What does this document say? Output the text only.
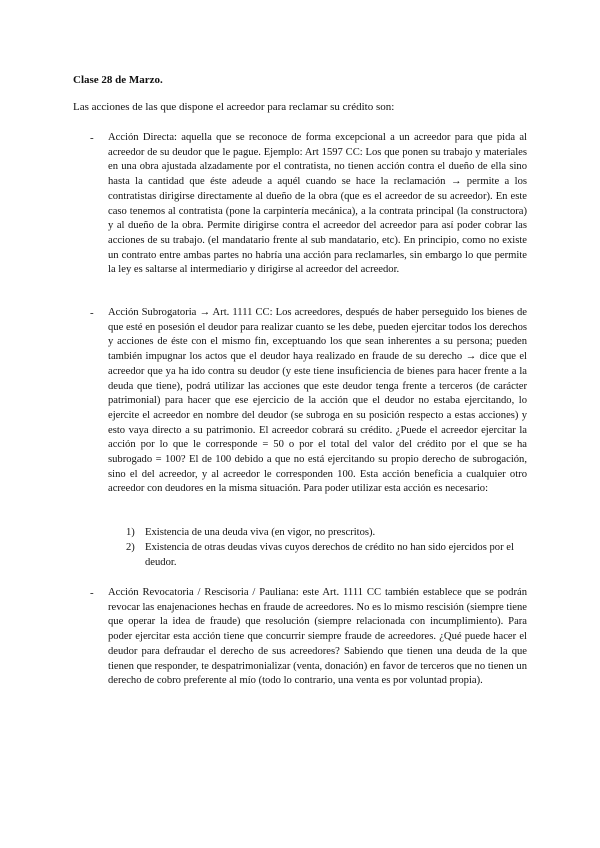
Clase 28 de Marzo.
Las acciones de las que dispone el acreedor para reclamar su crédito son:
- Acción Directa: aquella que se reconoce de forma excepcional a un acreedor para que pida al acreedor de su deudor que le pague. Ejemplo: Art 1597 CC: Los que ponen su trabajo y materiales en una obra ajustada alzadamente por el contratista, no tienen acción contra el dueño de ella sino hasta la cantidad que éste adeude a aquél cuando se hace la reclamación → permite a los contratistas dirigirse directamente al dueño de la obra (que es el acreedor de su acreedor). En este caso tenemos al contratista (pone la carpintería mecánica), a la contrata principal (la constructora) y al dueño de la obra. Permite dirigirse contra el acreedor del acreedor para así poder cobrar las acciones de su trabajo. (el mandatario frente al sub mandatario, etc). En principio, como no existe un contrato entre ambas partes no habría una acción para reclamarles, sin embargo lo que permite la ley es saltarse al intermediario y dirigirse al acreedor del acreedor.
- Acción Subrogatoria → Art. 1111 CC: Los acreedores, después de haber perseguido los bienes de que esté en posesión el deudor para realizar cuanto se les debe, pueden ejercitar todos los derechos y acciones de éste con el mismo fin, exceptuando los que sean inherentes a su persona; pueden también impugnar los actos que el deudor haya realizado en fraude de su derecho → dice que el acreedor que ya ha ido contra su deudor (y este tiene insuficiencia de bienes para hacer frente a la deuda que tiene), podrá utilizar las acciones que este deudor tenga frente a terceros (de carácter patrimonial) para hacer que ese ejercicio de la acción que el deudor no estaba ejercitando, lo ejercite el acreedor en nombre del deudor (se subroga en su posición respecto a estas acciones) y esto vaya directo a su patrimonio. El acreedor cobrará su crédito. ¿Puede el acreedor ejercitar la acción por lo que le corresponde = 50 o por el total del valor del crédito por el que se ha subrogado = 100? El de 100 debido a que no está ejercitando su propio derecho de subrogación, sino el del acreedor, y al acreedor le corresponden 100. Esta acción beneficia a cualquier otro acreedor con deudores en la misma situación. Para poder utilizar esta acción es necesario:
1) Existencia de una deuda viva (en vigor, no prescritos).
2) Existencia de otras deudas vivas cuyos derechos de crédito no han sido ejercidos por el deudor.
- Acción Revocatoria / Rescisoria / Pauliana: este Art. 1111 CC también establece que se podrán revocar las enajenaciones hechas en fraude de acreedores. No es lo mismo rescisión (siempre tiene que operar la idea de fraude) que resolución (siempre relacionada con incumplimiento). Para poder ejercitar esta acción tiene que concurrir siempre fraude de acreedores. ¿Qué puede hacer el deudor para defraudar el derecho de sus acreedores? Sabiendo que tienen una deuda de la que tienen que responder, te despatrimonializar (venta, donación) en favor de terceros que no tienen un derecho de cobro preferente al mío (todo lo contrario, una venta es por voluntad propia).
